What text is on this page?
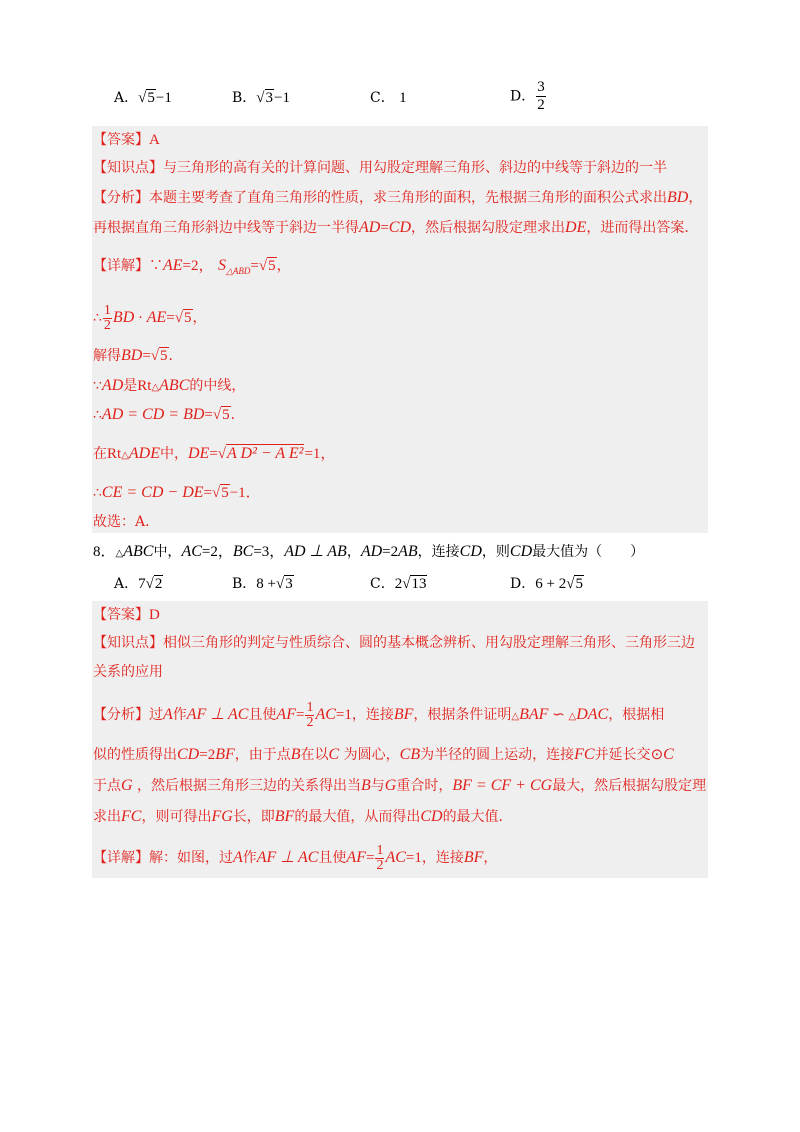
A．√5−1	B．√3−1	C． 1	D． $\frac{3}{2}$
【答案】A
【知识点】与三角形的高有关的计算问题、用勾股定理解三角形、斜边的中线等于斜边的一半
【分析】本题主要考查了直角三角形的性质，求三角形的面积，先根据三角形的面积公式求出BD，
再根据直角三角形斜边中线等于斜边一半得AD=CD，然后根据勾股定理求出DE，进而得出答案．
【详解】∵AE=2， $S_{\triangle ABD}=√5$，
∴ $\frac{1}{2}$ BD · AE=√5，
解得BD=√5．
∵AD是Rt△ABC的中线，
∴AD = CD = BD=√5．
在Rt△ADE中，DE=√A D² − A E²=1，
∴CE = CD − DE=√5−1．
故选：A．
8．△ABC中，AC=2，BC=3，AD ⊥ AB，AD=2AB，连接CD，则CD最大值为（　　）
A．7√2	B．8 +√3	C．2√13	D．6 + 2√5
【答案】D
【知识点】相似三角形的判定与性质综合、圆的基本概念辨析、用勾股定理解三角形、三角形三边
关系的应用
【分析】过A作AF ⊥ AC且使$AF= \frac{1}{2} AC=1$，连接BF，根据条件证明△BAF ∽ △DAC，根据相
似的性质得出CD=2BF，由于点B在以C 为圆心，CB为半径的圆上运动，连接FC并延长交⊙C
于点G ，然后根据三角形三边的关系得出当B与G重合时，BF = CF + CG最大，然后根据勾股定理
求出FC，则可得出FG长，即BF的最大值，从而得出CD的最大值．
【详解】解：如图，过A作AF ⊥ AC且使$AF= \frac{1}{2} AC=1$，连接BF，
